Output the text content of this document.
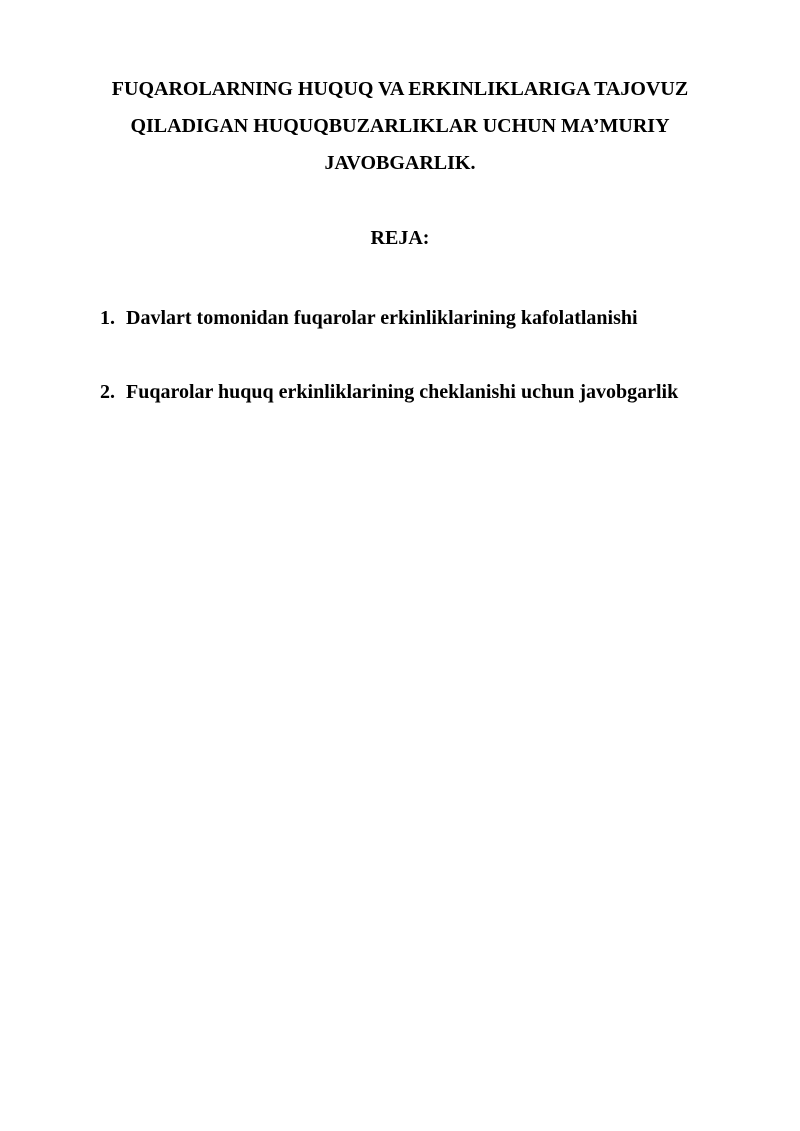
FUQAROLARNING HUQUQ VA ERKINLIKLARIGA TAJOVUZ
QILADIGAN HUQUQBUZARLIKLAR UCHUN MA’MURIY
JAVOBGARLIK.
REJA:
1. Davlart tomonidan fuqarolar erkinliklarining kafolatlanishi
2. Fuqarolar huquq erkinliklarining cheklanishi uchun javobgarlik
